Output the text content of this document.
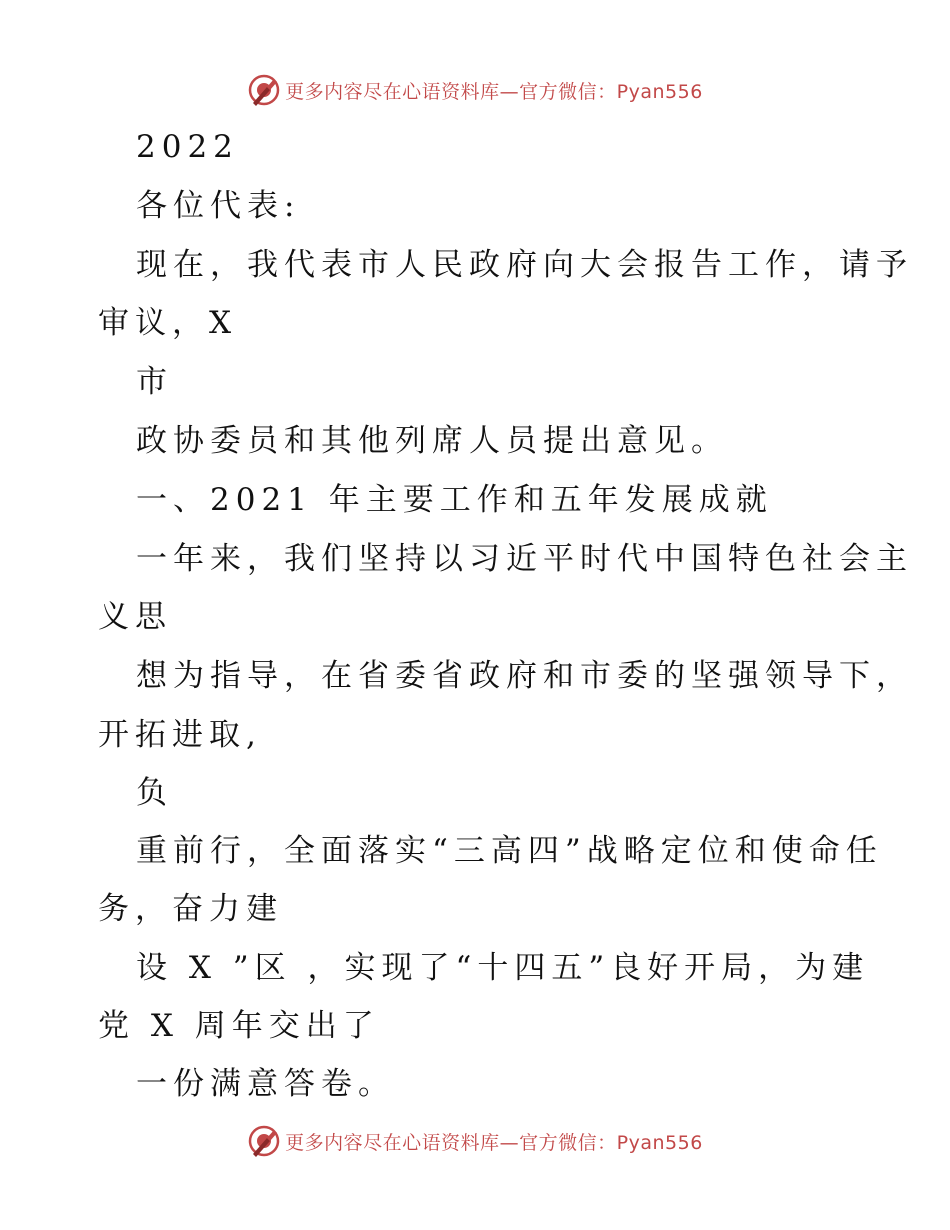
更多内容尽在心语资料库—官方微信：Pyan556
2022
各位代表:
现在，我代表市人民政府向大会报告工作，请予
审议，X
市
政协委员和其他列席人员提出意见。
一、2021 年主要工作和五年发展成就
一年来，我们坚持以习近平时代中国特色社会主
义思
想为指导，在省委省政府和市委的坚强领导下，
开拓进取,
负
重前行，全面落实“三高四”战略定位和使命任
务，奋力建
设 X ”区 ，实现了“十四五”良好开局，为建
党 X 周年交出了
一份满意答卷。
更多内容尽在心语资料库—官方微信：Pyan556
